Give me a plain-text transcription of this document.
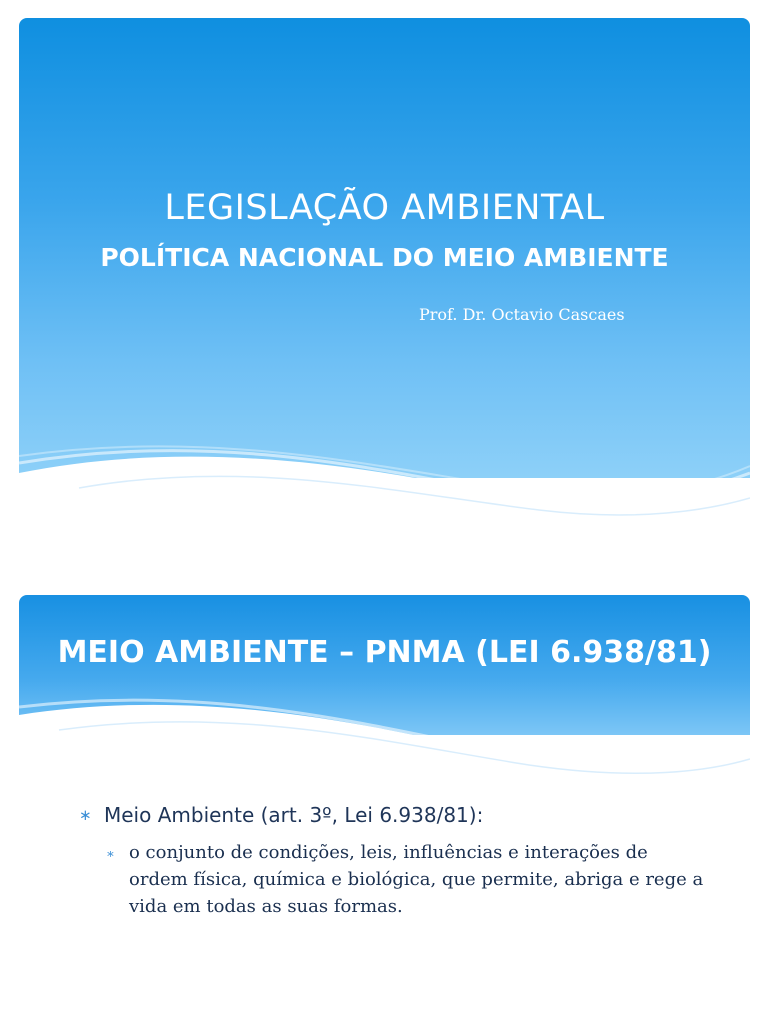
LEGISLAÇÃO AMBIENTAL
POLÍTICA NACIONAL DO MEIO AMBIENTE

Prof. Dr. Octavio Cascaes

MEIO AMBIENTE – PNMA (LEI 6.938/81)

∗ Meio Ambiente (art. 3º, Lei 6.938/81):

∗ o conjunto de condições, leis, influências e interações de ordem física, química e biológica, que permite, abriga e rege a vida em todas as suas formas.
